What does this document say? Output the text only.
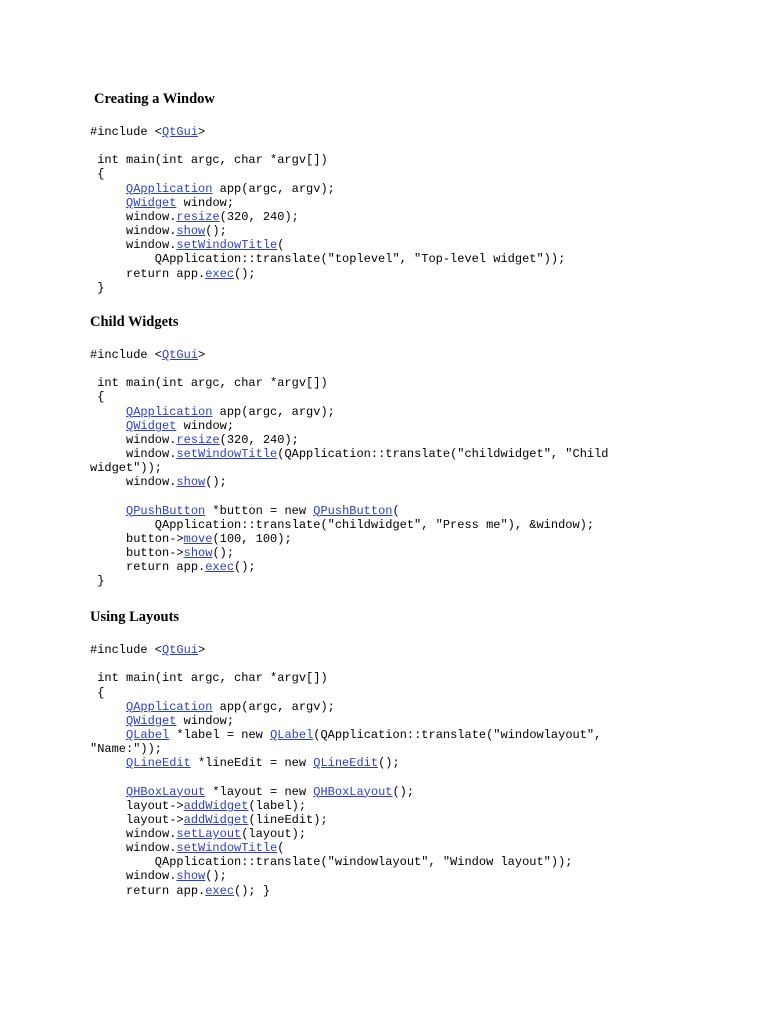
Creating a Window
#include <QtGui>
int main(int argc, char *argv[])
{
QApplication app(argc, argv);
QWidget window;
window.resize(320, 240);
window.show();
window.setWindowTitle(
QApplication::translate("toplevel", "Top-level widget"));
return app.exec();
}
Child Widgets
#include <QtGui>
int main(int argc, char *argv[])
{
QApplication app(argc, argv);
QWidget window;
window.resize(320, 240);
window.setWindowTitle(QApplication::translate("childwidget", "Child
widget"));
window.show();
QPushButton *button = new QPushButton(
QApplication::translate("childwidget", "Press me"), &window);
button->move(100, 100);
button->show();
return app.exec();
}
Using Layouts
#include <QtGui>
int main(int argc, char *argv[])
{
QApplication app(argc, argv);
QWidget window;
QLabel *label = new QLabel(QApplication::translate("windowlayout",
"Name:"));
QLineEdit *lineEdit = new QLineEdit();
QHBoxLayout *layout = new QHBoxLayout();
layout->addWidget(label);
layout->addWidget(lineEdit);
window.setLayout(layout);
window.setWindowTitle(
QApplication::translate("windowlayout", "Window layout"));
window.show();
return app.exec(); }
